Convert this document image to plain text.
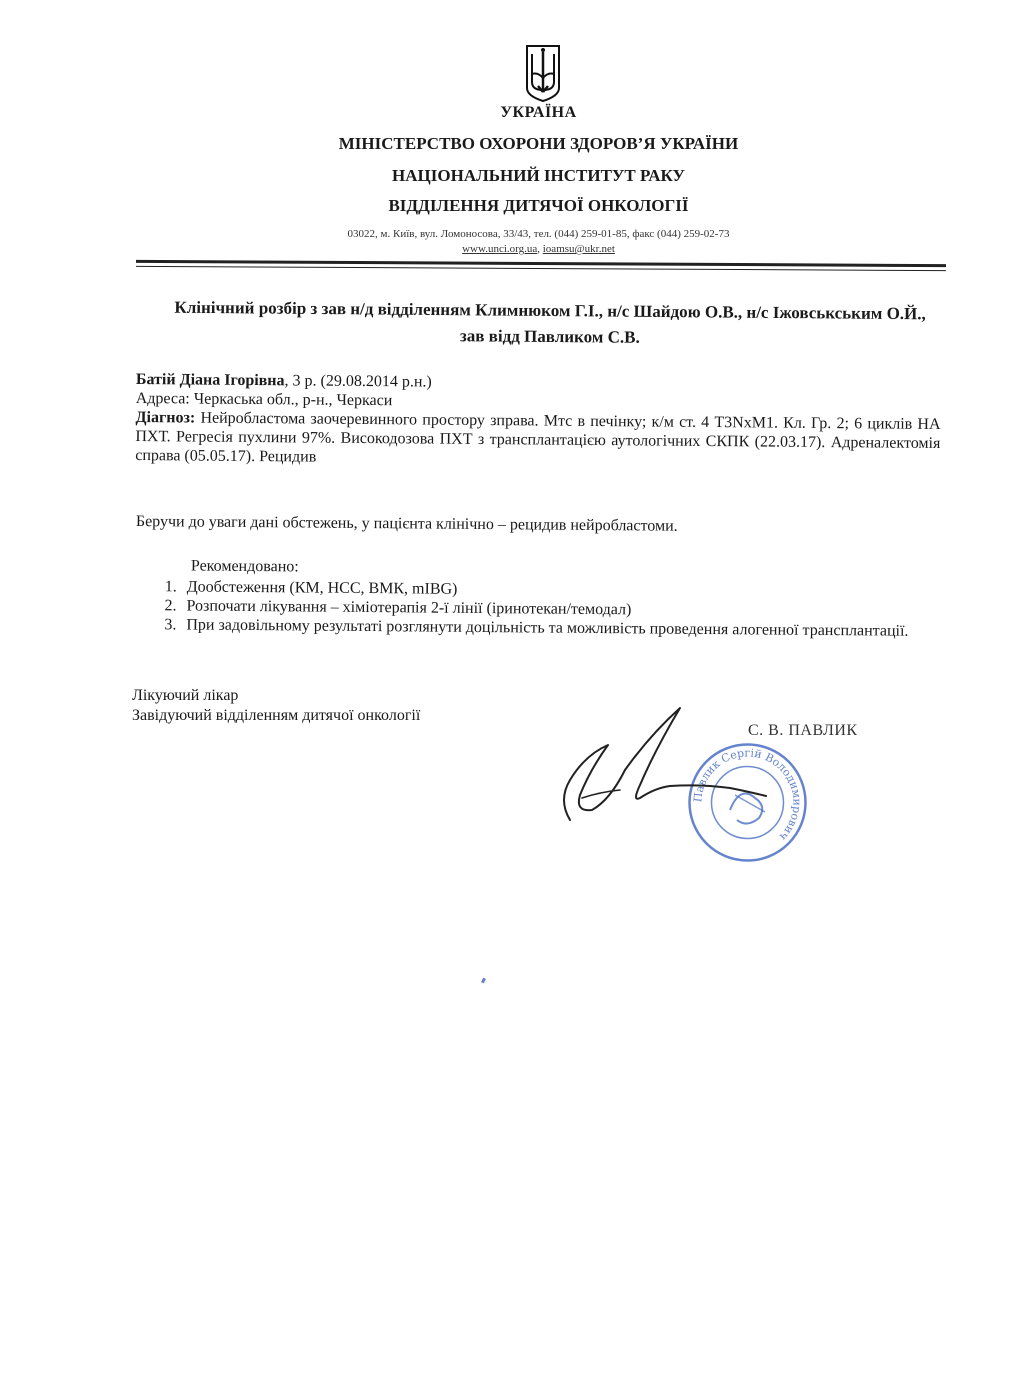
УКРАЇНА
МІНІСТЕРСТВО ОХОРОНИ ЗДОРОВ’Я УКРАЇНИ
НАЦІОНАЛЬНИЙ ІНСТИТУТ РАКУ
ВІДДІЛЕННЯ ДИТЯЧОЇ ОНКОЛОГІЇ
03022, м. Київ, вул. Ломоносова, 33/43, тел. (044) 259-01-85, факс (044) 259-02-73
www.unci.org.ua, ioamsu@ukr.net
Клінічний розбір з зав н/д відділенням Климнюком Г.І., н/с Шайдою О.В., н/с Іжовськським О.Й., зав відд Павликом С.В.
Батій Діана Ігорівна, 3 р. (29.08.2014 р.н.)
Адреса: Черкаська обл., р-н., Черкаси
Діагноз: Нейробластома заочеревинного простору зправа. Мтс в печінку; к/м ст. 4 T3NxM1. Кл. Гр. 2; 6 циклів НА ПХТ. Регресія пухлини 97%. Високодозова ПХТ з трансплантацією аутологічних СКПК (22.03.17). Адреналектомія справа (05.05.17). Рецидив
Беручи до уваги дані обстежень, у пацієнта клінічно – рецидив нейробластоми.
Рекомендовано:
1. Дообстеження (КМ, НСС, ВМК, mIBG)
2. Розпочати лікування – хіміотерапія 2-ї лінії (іринотекан/темодал)
3. При задовільному результаті розглянути доцільність та можливість проведення алогенної трансплантації.
Лікуючий лікар
Завідуючий відділенням дитячої онкології
С. В. ПАВЛИК
Павлик Сергій Володимирович
